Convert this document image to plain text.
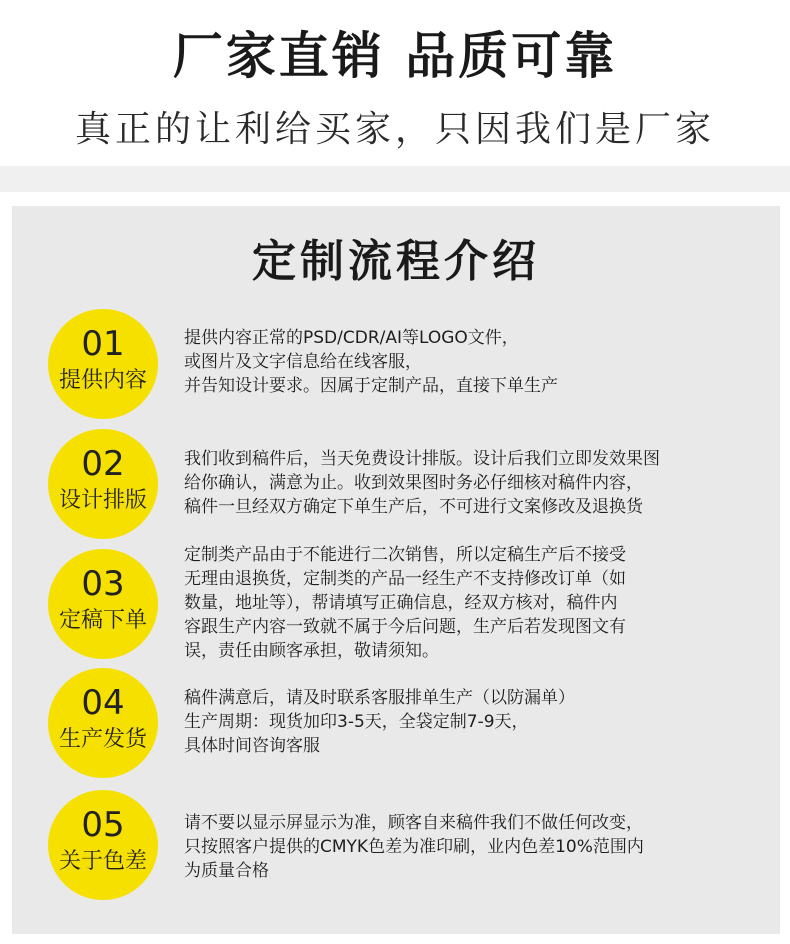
厂家直销 品质可靠
真正的让利给买家，只因我们是厂家
定制流程介绍
01
提供内容
提供内容正常的PSD/CDR/AI等LOGO文件，
或图片及文字信息给在线客服，
并告知设计要求。因属于定制产品，直接下单生产
02
设计排版
我们收到稿件后，当天免费设计排版。设计后我们立即发效果图
给你确认，满意为止。收到效果图时务必仔细核对稿件内容，
稿件一旦经双方确定下单生产后，不可进行文案修改及退换货
03
定稿下单
定制类产品由于不能进行二次销售，所以定稿生产后不接受
无理由退换货，定制类的产品一经生产不支持修改订单（如
数量，地址等），帮请填写正确信息，经双方核对，稿件内
容跟生产内容一致就不属于今后问题，生产后若发现图文有
误，责任由顾客承担，敬请须知。
04
生产发货
稿件满意后，请及时联系客服排单生产（以防漏单）
生产周期：现货加印3-5天，全袋定制7-9天，
具体时间咨询客服
05
关于色差
请不要以显示屏显示为准，顾客自来稿件我们不做任何改变，
只按照客户提供的CMYK色差为准印刷，业内色差10%范围内
为质量合格
